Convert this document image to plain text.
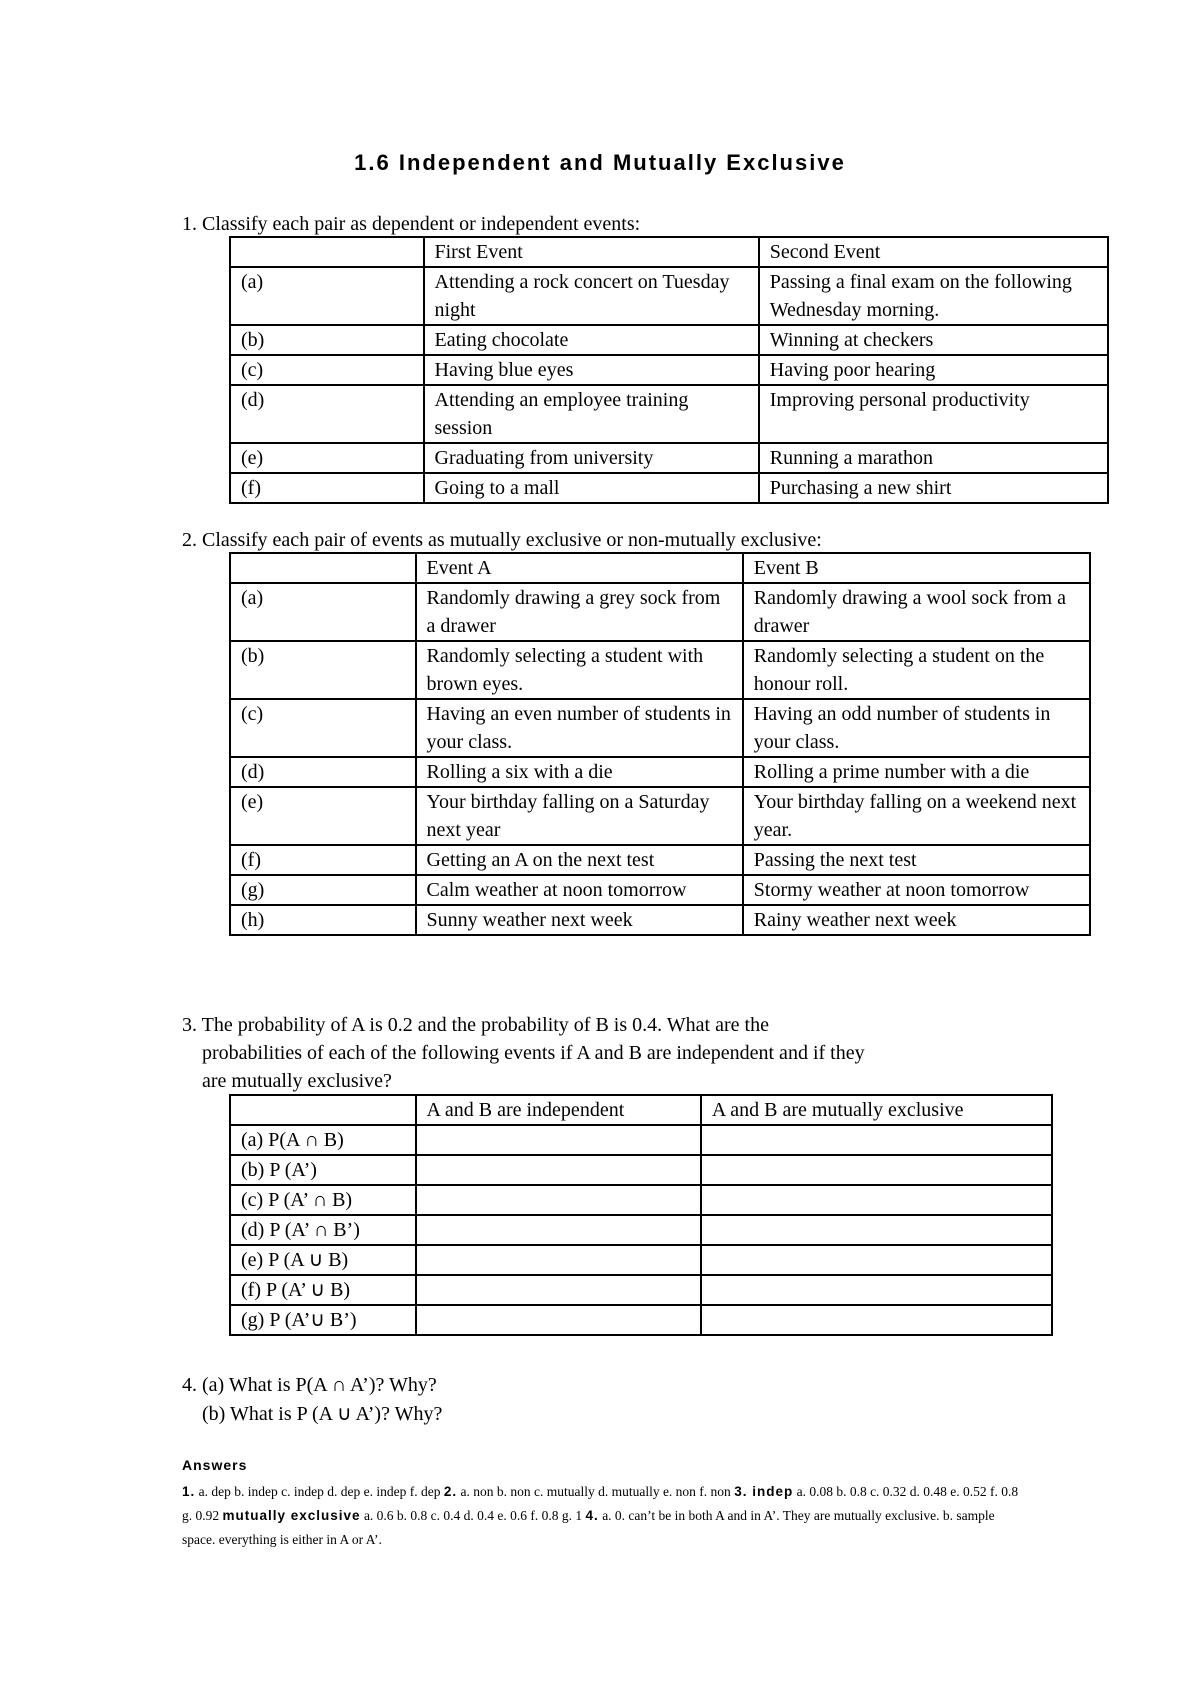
1.6 Independent and Mutually Exclusive
1. Classify each pair as dependent or independent events:
	First Event	Second Event
(a)	Attending a rock concert on Tuesday night	Passing a final exam on the following Wednesday morning.
(b)	Eating chocolate	Winning at checkers
(c)	Having blue eyes	Having poor hearing
(d)	Attending an employee training session	Improving personal productivity
(e)	Graduating from university	Running a marathon
(f)	Going to a mall	Purchasing a new shirt
2. Classify each pair of events as mutually exclusive or non-mutually exclusive:
	Event A	Event B
(a)	Randomly drawing a grey sock from a drawer	Randomly drawing a wool sock from a drawer
(b)	Randomly selecting a student with brown eyes.	Randomly selecting a student on the honour roll.
(c)	Having an even number of students in your class.	Having an odd number of students in your class.
(d)	Rolling a six with a die	Rolling a prime number with a die
(e)	Your birthday falling on a Saturday next year	Your birthday falling on a weekend next year.
(f)	Getting an A on the next test	Passing the next test
(g)	Calm weather at noon tomorrow	Stormy weather at noon tomorrow
(h)	Sunny weather next week	Rainy weather next week
3. The probability of A is 0.2 and the probability of B is 0.4. What are the
probabilities of each of the following events if A and B are independent and if they
are mutually exclusive?
	A and B are independent	A and B are mutually exclusive
(a) P(A ∩ B)		
(b) P (A’)		
(c) P (A’ ∩ B)		
(d) P (A’ ∩ B’)		
(e) P (A ∪ B)		
(f) P (A’ ∪ B)		
(g) P (A’∪ B’)		
4. (a) What is P(A ∩ A’)? Why?
(b) What is P (A ∪ A’)? Why?
Answers
1. a. dep b. indep c. indep d. dep e. indep f. dep 2. a. non b. non c. mutually d. mutually e. non f. non 3. indep a. 0.08 b. 0.8 c. 0.32 d. 0.48 e. 0.52 f. 0.8 g. 0.92 mutually exclusive a. 0.6 b. 0.8 c. 0.4 d. 0.4 e. 0.6 f. 0.8 g. 1 4. a. 0. can’t be in both A and in A’. They are mutually exclusive. b. sample space. everything is either in A or A’.
